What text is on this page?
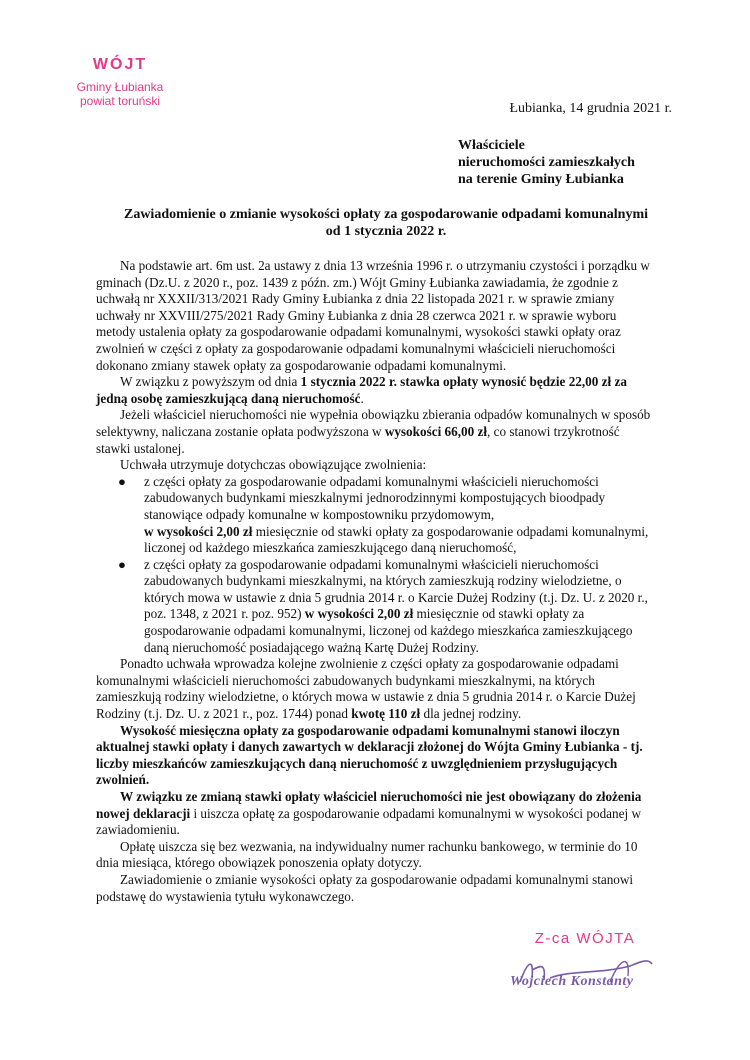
WÓJT
Gminy Łubianka
powiat toruński	Łubianka, 14 grudnia 2021 r.
Właściciele
nieruchomości zamieszkałych
na terenie Gminy Łubianka
Zawiadomienie o zmianie wysokości opłaty za gospodarowanie odpadami komunalnymi
od 1 stycznia 2022 r.

Na podstawie art. 6m ust. 2a ustawy z dnia 13 września 1996 r. o utrzymaniu czystości i porządku w gminach (Dz.U. z 2020 r., poz. 1439 z późn. zm.) Wójt Gminy Łubianka zawiadamia, że zgodnie z uchwałą nr XXXII/313/2021 Rady Gminy Łubianka z dnia 22 listopada 2021 r. w sprawie zmiany uchwały nr XXVIII/275/2021 Rady Gminy Łubianka z dnia 28 czerwca 2021 r. w sprawie wyboru metody ustalenia opłaty za gospodarowanie odpadami komunalnymi, wysokości stawki opłaty oraz zwolnień w części z opłaty za gospodarowanie odpadami komunalnymi właścicieli nieruchomości dokonano zmiany stawek opłaty za gospodarowanie odpadami komunalnymi.

W związku z powyższym od dnia 1 stycznia 2022 r. stawka opłaty wynosić będzie 22,00 zł za jedną osobę zamieszkującą daną nieruchomość.

Jeżeli właściciel nieruchomości nie wypełnia obowiązku zbierania odpadów komunalnych w sposób selektywny, naliczana zostanie opłata podwyższona w wysokości 66,00 zł, co stanowi trzykrotność stawki ustalonej.

Uchwała utrzymuje dotychczas obowiązujące zwolnienia:

● z części opłaty za gospodarowanie odpadami komunalnymi właścicieli nieruchomości zabudowanych budynkami mieszkalnymi jednorodzinnymi kompostujących bioodpady stanowiące odpady komunalne w kompostowniku przydomowym,
w wysokości 2,00 zł miesięcznie od stawki opłaty za gospodarowanie odpadami komunalnymi, liczonej od każdego mieszkańca zamieszkującego daną nieruchomość,
● z części opłaty za gospodarowanie odpadami komunalnymi właścicieli nieruchomości zabudowanych budynkami mieszkalnymi, na których zamieszkują rodziny wielodzietne, o których mowa w ustawie z dnia 5 grudnia 2014 r. o Karcie Dużej Rodziny (t.j. Dz. U. z 2020 r., poz. 1348, z 2021 r. poz. 952) w wysokości 2,00 zł miesięcznie od stawki opłaty za gospodarowanie odpadami komunalnymi, liczonej od każdego mieszkańca zamieszkującego daną nieruchomość posiadającego ważną Kartę Dużej Rodziny.

Ponadto uchwała wprowadza kolejne zwolnienie z części opłaty za gospodarowanie odpadami komunalnymi właścicieli nieruchomości zabudowanych budynkami mieszkalnymi, na których zamieszkują rodziny wielodzietne, o których mowa w ustawie z dnia 5 grudnia 2014 r. o Karcie Dużej Rodziny (t.j. Dz. U. z 2021 r., poz. 1744) ponad kwotę 110 zł dla jednej rodziny.

Wysokość miesięczna opłaty za gospodarowanie odpadami komunalnymi stanowi iloczyn aktualnej stawki opłaty i danych zawartych w deklaracji złożonej do Wójta Gminy Łubianka - tj. liczby mieszkańców zamieszkujących daną nieruchomość z uwzględnieniem przysługujących zwolnień.

W związku ze zmianą stawki opłaty właściciel nieruchomości nie jest obowiązany do złożenia nowej deklaracji i uiszcza opłatę za gospodarowanie odpadami komunalnymi w wysokości podanej w zawiadomieniu.

Opłatę uiszcza się bez wezwania, na indywidualny numer rachunku bankowego, w terminie do 10 dnia miesiąca, którego obowiązek ponoszenia opłaty dotyczy.

Zawiadomienie o zmianie wysokości opłaty za gospodarowanie odpadami komunalnymi stanowi podstawę do wystawienia tytułu wykonawczego.

Z-ca WÓJTA
Wojciech Konstanty
